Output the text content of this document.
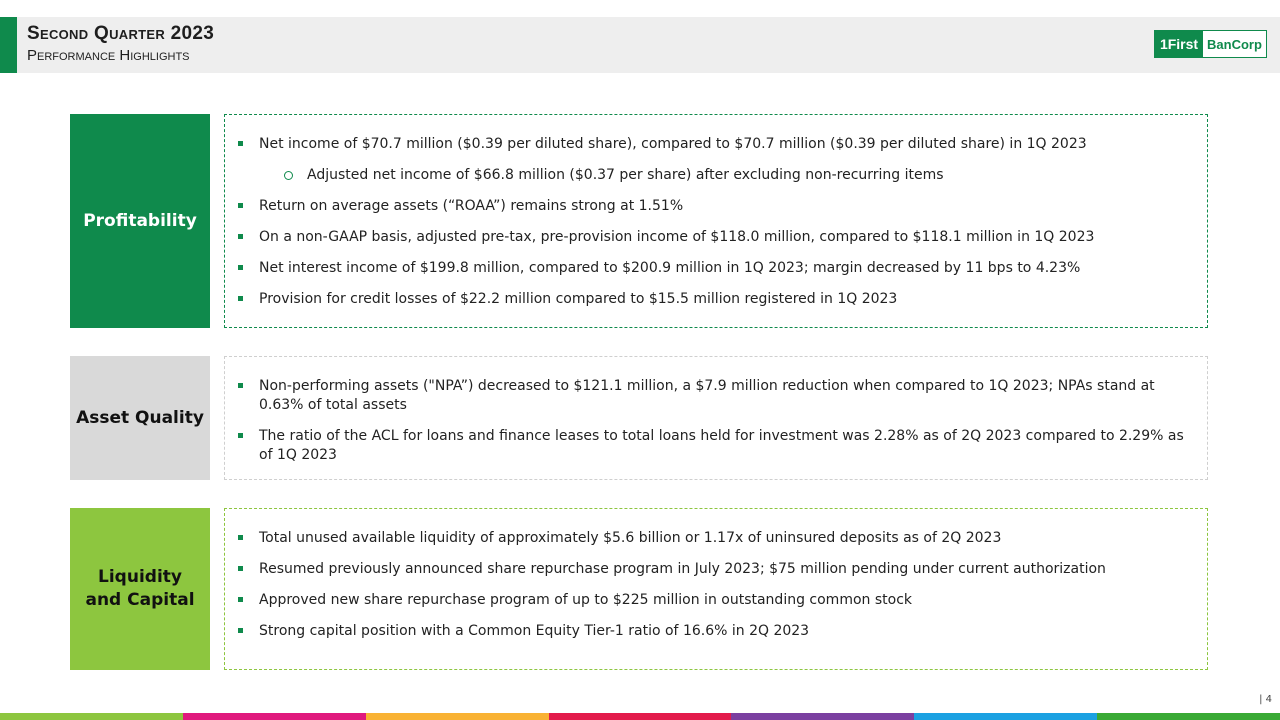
Second Quarter 2023
Performance Highlights
1First BanCorp
Profitability
Net income of $70.7 million ($0.39 per diluted share), compared to $70.7 million ($0.39 per diluted share) in 1Q 2023
Adjusted net income of $66.8 million ($0.37 per share) after excluding non-recurring items
Return on average assets (“ROAA”) remains strong at 1.51%
On a non-GAAP basis, adjusted pre-tax, pre-provision income of $118.0 million, compared to $118.1 million in 1Q 2023
Net interest income of $199.8 million, compared to $200.9 million in 1Q 2023; margin decreased by 11 bps to 4.23%
Provision for credit losses of $22.2 million compared to $15.5 million registered in 1Q 2023
Asset Quality
Non-performing assets ("NPA”) decreased to $121.1 million, a $7.9 million reduction when compared to 1Q 2023; NPAs stand at 0.63% of total assets
The ratio of the ACL for loans and finance leases to total loans held for investment was 2.28% as of 2Q 2023 compared to 2.29% as of 1Q 2023
Liquidity and Capital
Total unused available liquidity of approximately $5.6 billion or 1.17x of uninsured deposits as of 2Q 2023
Resumed previously announced share repurchase program in July 2023; $75 million pending under current authorization
Approved new share repurchase program of up to $225 million in outstanding common stock
Strong capital position with a Common Equity Tier-1 ratio of 16.6% in 2Q 2023
| 4
